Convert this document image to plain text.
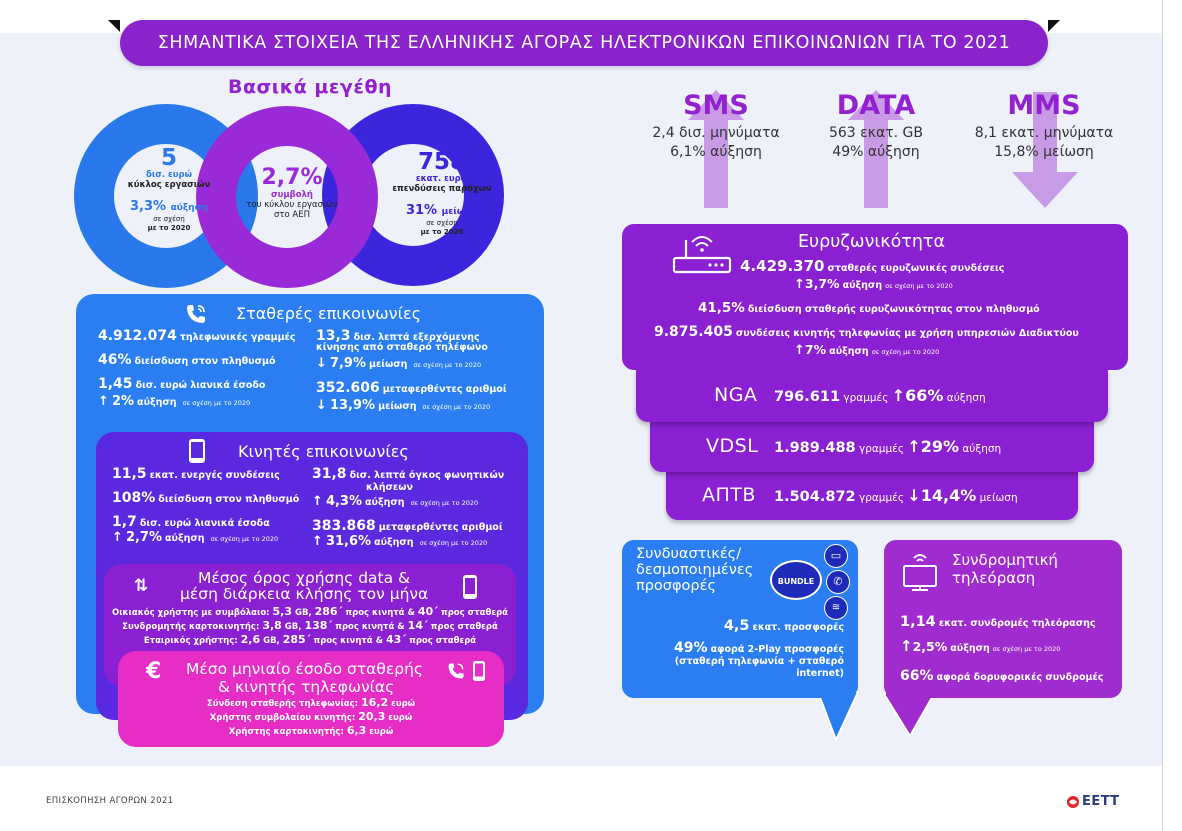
ΣΗΜΑΝΤΙΚΑ ΣΤΟΙΧΕΙΑ ΤΗΣ ΕΛΛΗΝΙΚΗΣ ΑΓΟΡΑΣ ΗΛΕΚΤΡΟΝΙΚΩΝ ΕΠΙΚΟΙΝΩΝΙΩΝ ΓΙΑ ΤΟ 2021
Βασικά μεγέθη
5
δισ. ευρώ
κύκλος εργασιών
3,3% αύξηση
σε σχέση
με το 2020
2,7%
συμβολή
του κύκλου εργασιών
στο ΑΕΠ
758
εκατ. ευρώ
επενδύσεις παρόχων
31% μείωση
σε σχέση
με το 2020
Σταθερές επικοινωνίες
4.912.074 τηλεφωνικές γραμμές
46% διείσδυση στον πληθυσμό
1,45 δισ. ευρώ λιανικά έσοδο
↑ 2% αύξηση σε σχέση με το 2020
13,3 δισ. λεπτά εξερχόμενης
κίνησης από σταθερό τηλέφωνο
↓ 7,9% μείωση σε σχέση με το 2020
352.606 μεταφερθέντες αριθμοί
↓ 13,9% μείωση σε σχέση με το 2020
Κινητές επικοινωνίες
11,5 εκατ. ενεργές συνδέσεις
108% διείσδυση στον πληθυσμό
1,7 δισ. ευρώ λιανικά έσοδα
↑ 2,7% αύξηση σε σχέση με το 2020
31,8 δισ. λεπτά όγκος φωνητικών
κλήσεων
↑ 4,3% αύξηση σε σχέση με το 2020
383.868 μεταφερθέντες αριθμοί
↑ 31,6% αύξηση σε σχέση με το 2020
⇅	Μέσος όρος χρήσης data &
μέση διάρκεια κλήσης τον μήνα
Οικιακός χρήστης με συμβόλαιο: 5,3 GB, 286΄ προς κινητά & 40΄ προς σταθερά
Συνδρομητής καρτοκινητής: 3,8 GB, 138΄ προς κινητά & 14΄ προς σταθερά
Εταιρικός χρήστης: 2,6 GB, 285΄ προς κινητά & 43΄ προς σταθερά
€ Μέσο μηνιαίο έσοδο σταθερής
& κινητής τηλεφωνίας
Σύνδεση σταθερής τηλεφωνίας: 16,2 ευρώ
Χρήστης συμβολαίου κινητής: 20,3 ευρώ
Χρήστης καρτοκινητής: 6,3 ευρώ
SMS
2,4 δισ. μηνύματα
6,1% αύξηση
DATA
563 εκατ. GB
49% αύξηση
MMS
8,1 εκατ. μηνύματα
15,8% μείωση
NGA 796.611 γραμμές ↑66% αύξηση
VDSL 1.989.488 γραμμές ↑29% αύξηση
ΑΠΤΒ 1.504.872 γραμμές ↓14,4% μείωση
Ευρυζωνικότητα
4.429.370 σταθερές ευρυζωνικές συνδέσεις
↑3,7% αύξηση σε σχέση με το 2020
41,5% διείσδυση σταθερής ευρυζωνικότητας στον πληθυσμό
9.875.405 συνδέσεις κινητής τηλεφωνίας με χρήση υπηρεσιών Διαδικτύου
↑7% αύξηση σε σχέση με το 2020
Συνδυαστικές/
δεσμοποιημένες
προσφορές	BUNDLE
▭
✆
≋
4,5 εκατ. προσφορές
49% αφορά 2-Play προσφορές
(σταθερή τηλεφωνία + σταθερό
internet)
Συνδρομητική
τηλεόραση
1,14 εκατ. συνδρομές τηλεόρασης
↑2,5% αύξηση σε σχέση με το 2020
66% αφορά δορυφορικές συνδρομές
ΕΠΙΣΚΟΠΗΣΗ ΑΓΟΡΩΝ 2021	ΕΕΤΤ
